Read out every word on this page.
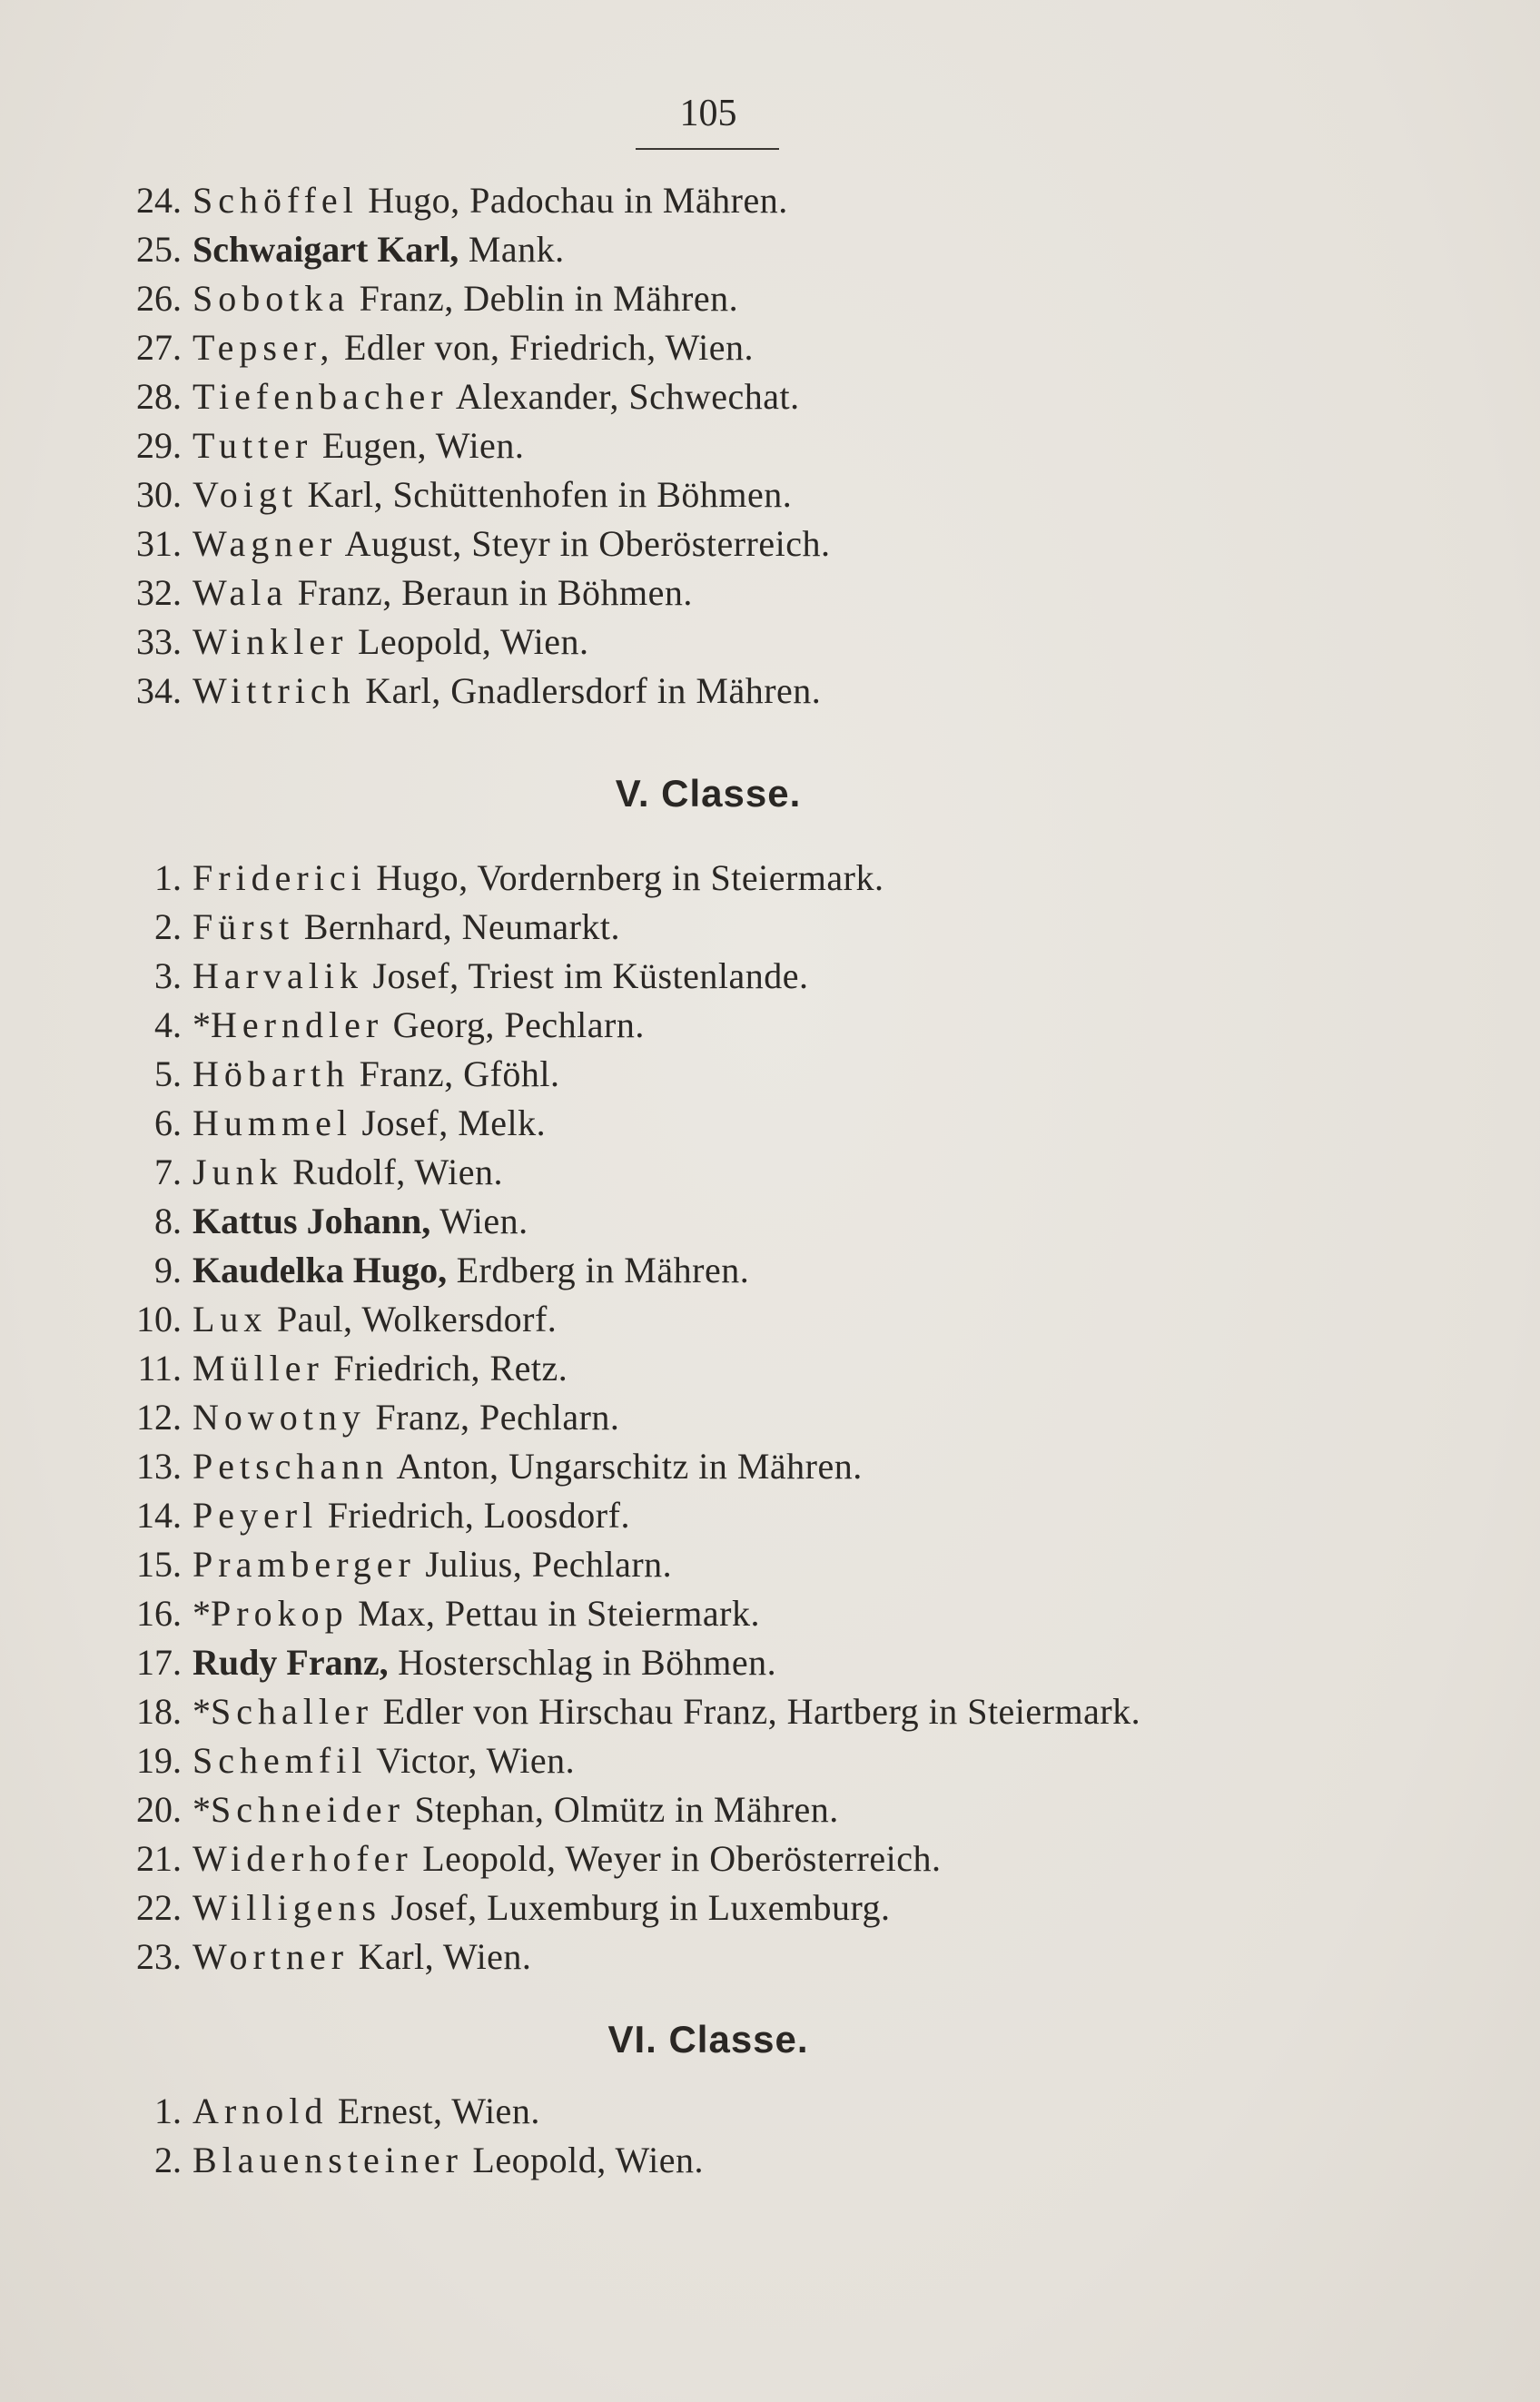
105
24. Schöffel Hugo, Padochau in Mähren.
25. Schwaigart Karl, Mank.
26. Sobotka Franz, Deblin in Mähren.
27. Tepser, Edler von, Friedrich, Wien.
28. Tiefenbacher Alexander, Schwechat.
29. Tutter Eugen, Wien.
30. Voigt Karl, Schüttenhofen in Böhmen.
31. Wagner August, Steyr in Oberösterreich.
32. Wala Franz, Beraun in Böhmen.
33. Winkler Leopold, Wien.
34. Wittrich Karl, Gnadlersdorf in Mähren.
V. Classe.
1. Friderici Hugo, Vordernberg in Steiermark.
2. Fürst Bernhard, Neumarkt.
3. Harvalik Josef, Triest im Küstenlande.
4. *Herndler Georg, Pechlarn.
5. Höbarth Franz, Gföhl.
6. Hummel Josef, Melk.
7. Junk Rudolf, Wien.
8. Kattus Johann, Wien.
9. Kaudelka Hugo, Erdberg in Mähren.
10. Lux Paul, Wolkersdorf.
11. Müller Friedrich, Retz.
12. Nowotny Franz, Pechlarn.
13. Petschann Anton, Ungarschitz in Mähren.
14. Peyerl Friedrich, Loosdorf.
15. Pramberger Julius, Pechlarn.
16. *Prokop Max, Pettau in Steiermark.
17. Rudy Franz, Hosterschlag in Böhmen.
18. *Schaller Edler von Hirschau Franz, Hartberg in Steiermark.
19. Schemfil Victor, Wien.
20. *Schneider Stephan, Olmütz in Mähren.
21. Widerhofer Leopold, Weyer in Oberösterreich.
22. Willigens Josef, Luxemburg in Luxemburg.
23. Wortner Karl, Wien.
VI. Classe.
1. Arnold Ernest, Wien.
2. Blauensteiner Leopold, Wien.
